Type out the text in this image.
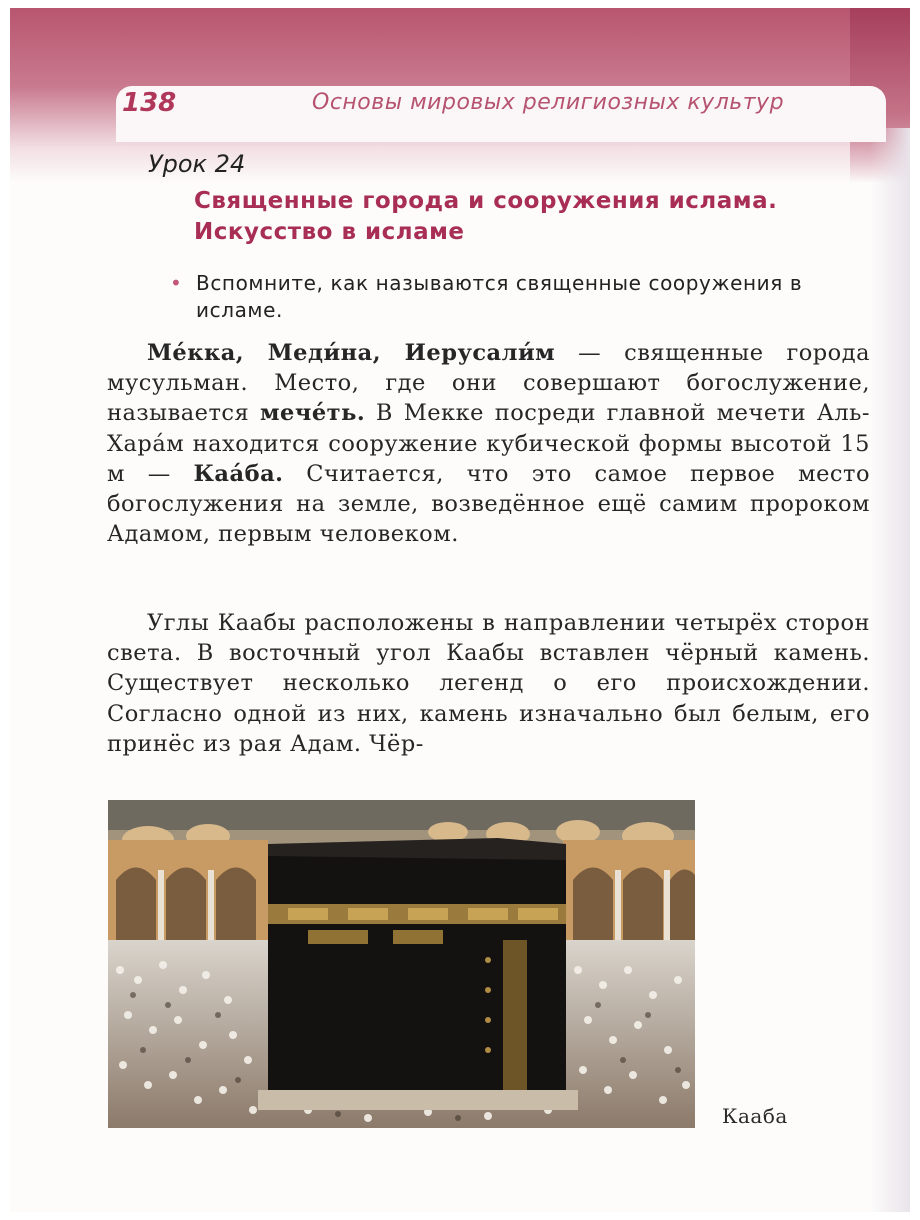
138	Основы мировых религиозных культур
Урок 24
Священные города и сооружения ислама. Искусство в исламе
• Вспомните, как называются священные сооружения в исламе.

Ме́кка, Меди́на, Иерусали́м — священные города мусульман. Место, где они совершают богослужение, называется мече́ть. В Мекке посреди главной мечети Аль-Хара́м находится сооружение кубической формы высотой 15 м — Каа́ба. Считается, что это самое первое место богослужения на земле, возведённое ещё самим пророком Адамом, первым человеком.

Углы Каабы расположены в направлении четырёх сторон света. В восточный угол Каабы вставлен чёрный камень. Существует несколько легенд о его происхождении. Согласно одной из них, камень изначально был белым, его принёс из рая Адам. Чёр-

Кааба
